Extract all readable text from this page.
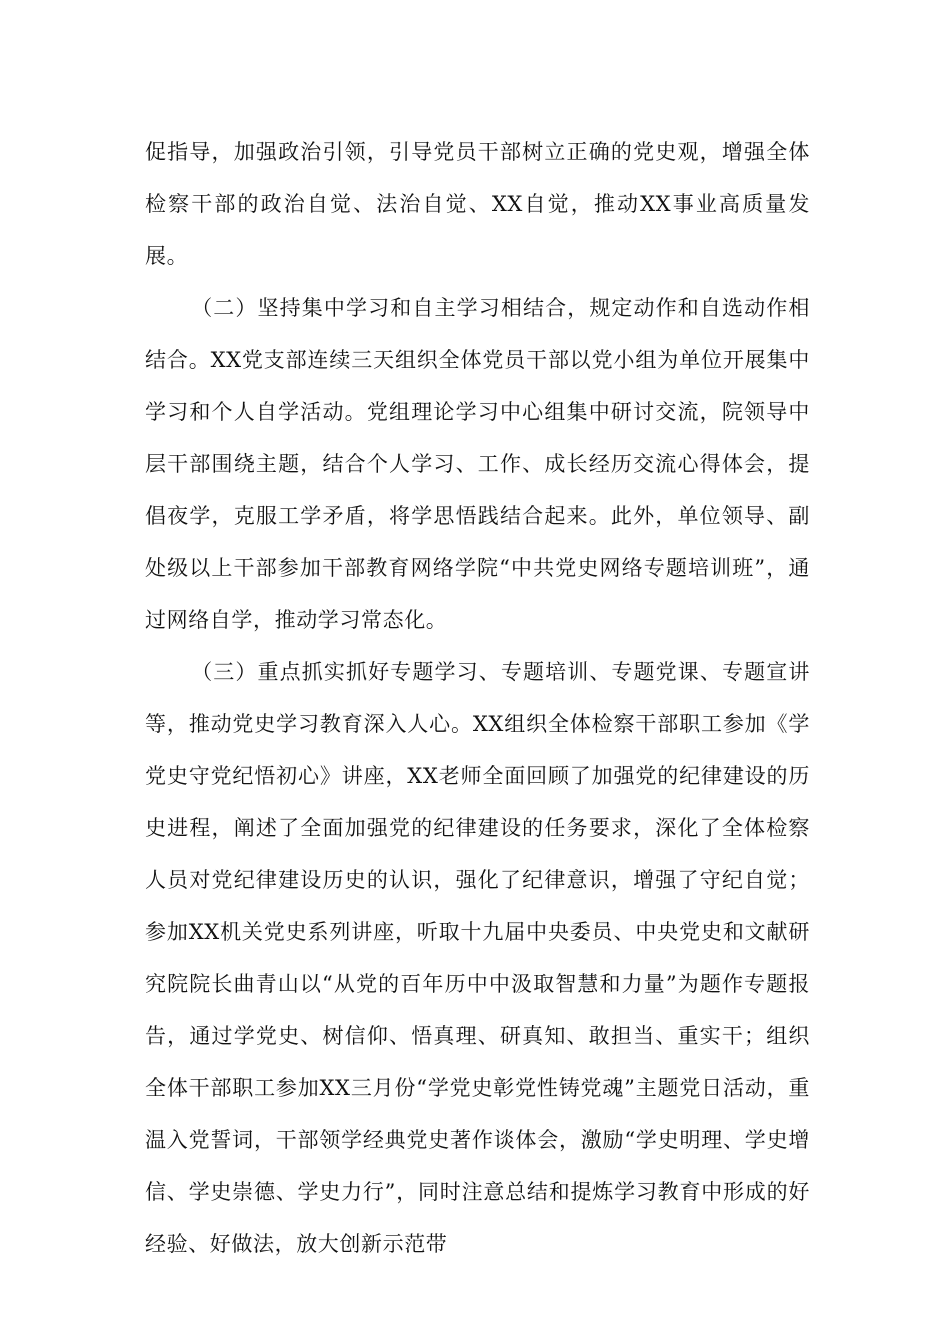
促指导，加强政治引领，引导党员干部树立正确的党史观，增强全体检察干部的政治自觉、法治自觉、XX自觉，推动XX事业高质量发展。

（二）坚持集中学习和自主学习相结合，规定动作和自选动作相结合。XX党支部连续三天组织全体党员干部以党小组为单位开展集中学习和个人自学活动。党组理论学习中心组集中研讨交流，院领导中层干部围绕主题，结合个人学习、工作、成长经历交流心得体会，提倡夜学，克服工学矛盾，将学思悟践结合起来。此外，单位领导、副处级以上干部参加干部教育网络学院“中共党史网络专题培训班”，通过网络自学，推动学习常态化。

（三）重点抓实抓好专题学习、专题培训、专题党课、专题宣讲等，推动党史学习教育深入人心。XX组织全体检察干部职工参加《学党史守党纪悟初心》讲座，XX老师全面回顾了加强党的纪律建设的历史进程，阐述了全面加强党的纪律建设的任务要求，深化了全体检察人员对党纪律建设历史的认识，强化了纪律意识，增强了守纪自觉；参加XX机关党史系列讲座，听取十九届中央委员、中央党史和文献研究院院长曲青山以“从党的百年历中中汲取智慧和力量”为题作专题报告，通过学党史、树信仰、悟真理、研真知、敢担当、重实干；组织全体干部职工参加XX三月份“学党史彰党性铸党魂”主题党日活动，重温入党誓词，干部领学经典党史著作谈体会，激励“学史明理、学史增信、学史崇德、学史力行”，同时注意总结和提炼学习教育中形成的好经验、好做法，放大创新示范带
